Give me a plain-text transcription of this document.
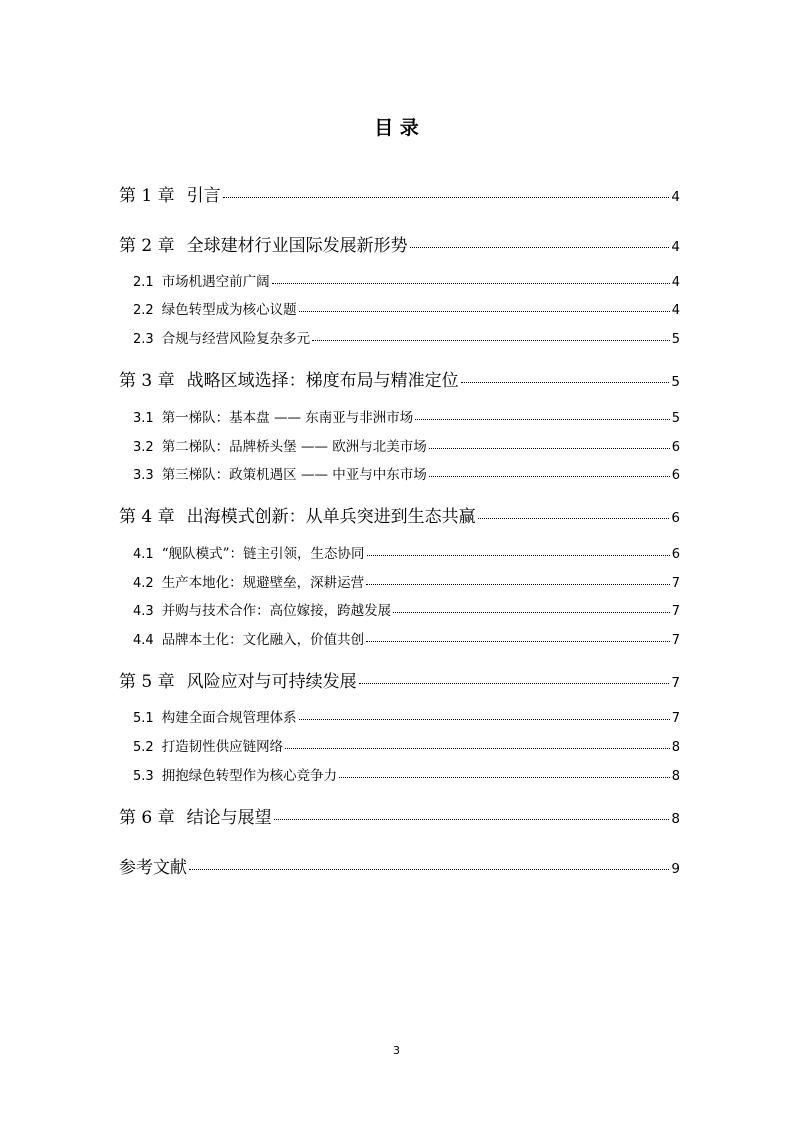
目 录
第 1 章 引言	4
第 2 章 全球建材行业国际发展新形势	4
2.1 市场机遇空前广阔	4
2.2 绿色转型成为核心议题	4
2.3 合规与经营风险复杂多元	5
第 3 章 战略区域选择：梯度布局与精准定位	5
3.1 第一梯队：基本盘 —— 东南亚与非洲市场	5
3.2 第二梯队：品牌桥头堡 —— 欧洲与北美市场	6
3.3 第三梯队：政策机遇区 —— 中亚与中东市场	6
第 4 章 出海模式创新：从单兵突进到生态共赢	6
4.1 “舰队模式”：链主引领，生态协同	6
4.2 生产本地化：规避壁垒，深耕运营	7
4.3 并购与技术合作：高位嫁接，跨越发展	7
4.4 品牌本土化：文化融入，价值共创	7
第 5 章 风险应对与可持续发展	7
5.1 构建全面合规管理体系	7
5.2 打造韧性供应链网络	8
5.3 拥抱绿色转型作为核心竞争力	8
第 6 章 结论与展望	8
参考文献	9
3
